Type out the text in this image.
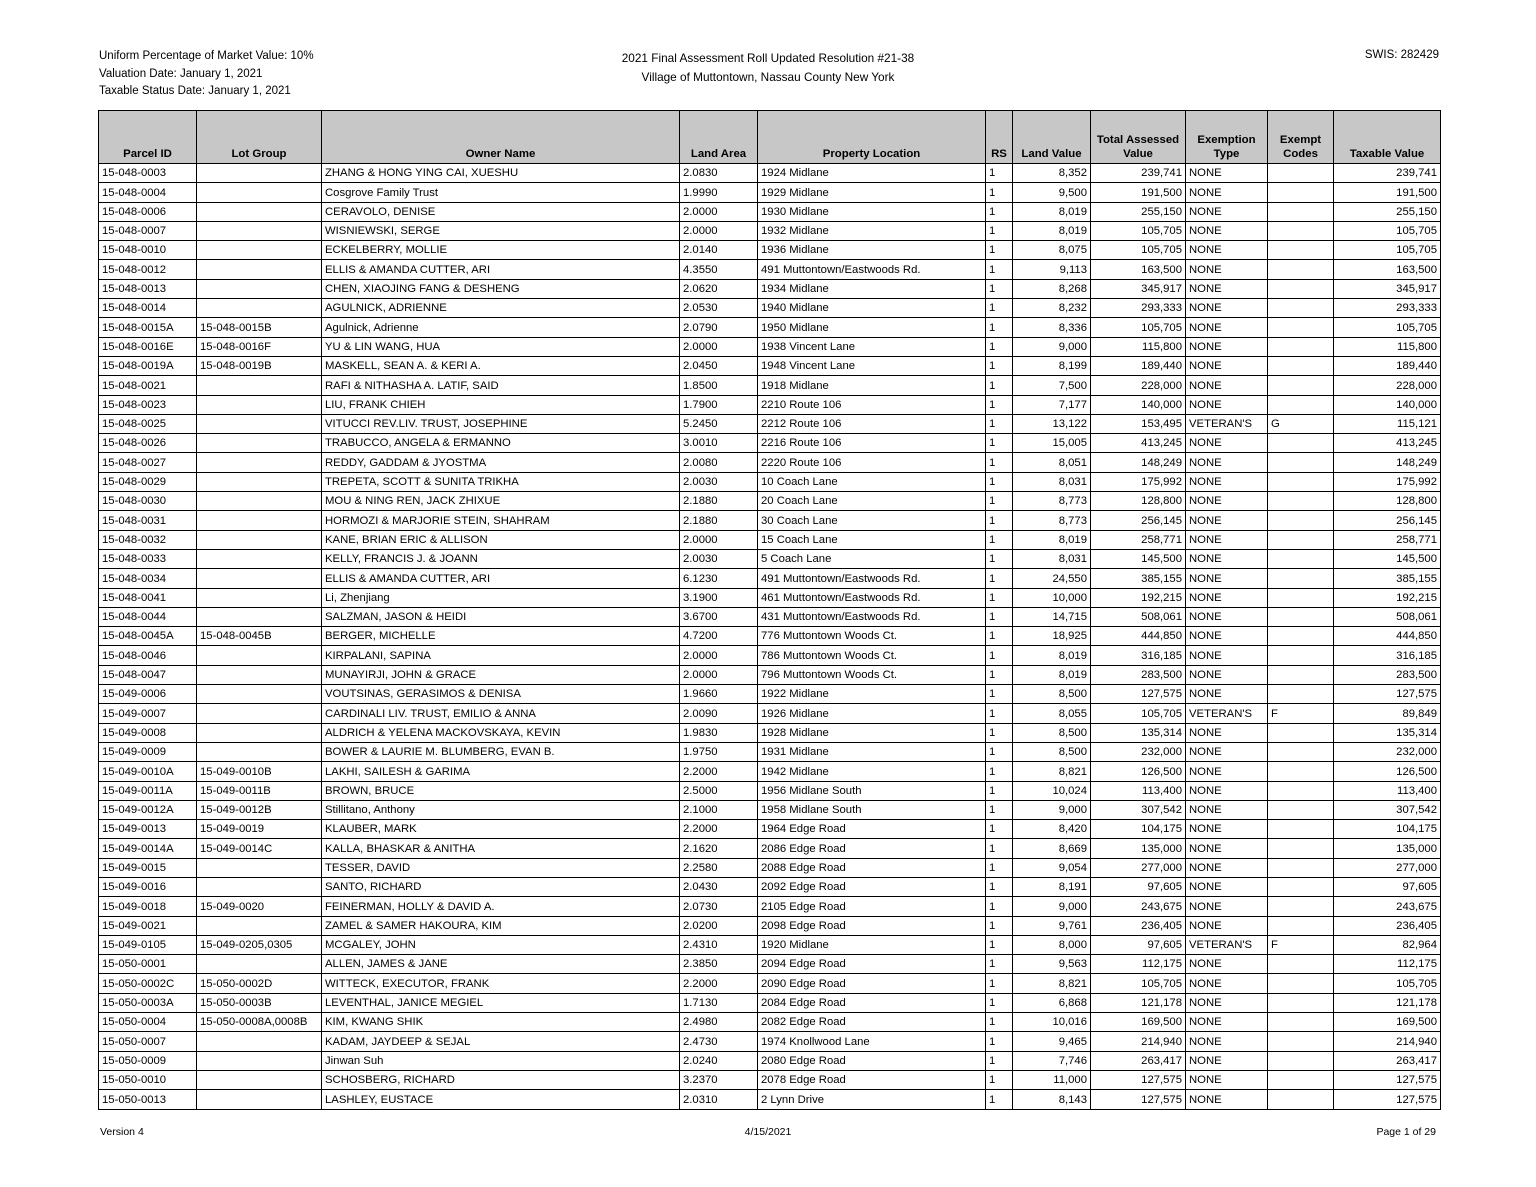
Uniform Percentage of Market Value: 10%
Valuation Date: January 1, 2021
Taxable Status Date: January 1, 2021
2021 Final Assessment Roll Updated Resolution #21-38
Village of Muttontown, Nassau County New York
SWIS: 282429
Parcel ID	Lot Group	Owner Name	Land Area	Property Location	RS	Land Value	Total Assessed Value	Exemption Type	Exempt Codes	Taxable Value
15-048-0003		ZHANG & HONG YING CAI, XUESHU	2.0830	1924 Midlane	1	8,352	239,741	NONE		239,741
15-048-0004		Cosgrove Family Trust	1.9990	1929 Midlane	1	9,500	191,500	NONE		191,500
15-048-0006		CERAVOLO, DENISE	2.0000	1930 Midlane	1	8,019	255,150	NONE		255,150
15-048-0007		WISNIEWSKI, SERGE	2.0000	1932 Midlane	1	8,019	105,705	NONE		105,705
15-048-0010		ECKELBERRY, MOLLIE	2.0140	1936 Midlane	1	8,075	105,705	NONE		105,705
15-048-0012		ELLIS & AMANDA CUTTER, ARI	4.3550	491 Muttontown/Eastwoods Rd.	1	9,113	163,500	NONE		163,500
15-048-0013		CHEN, XIAOJING FANG & DESHENG	2.0620	1934 Midlane	1	8,268	345,917	NONE		345,917
15-048-0014		AGULNICK, ADRIENNE	2.0530	1940 Midlane	1	8,232	293,333	NONE		293,333
15-048-0015A	15-048-0015B	Agulnick, Adrienne	2.0790	1950 Midlane	1	8,336	105,705	NONE		105,705
15-048-0016E	15-048-0016F	YU & LIN WANG, HUA	2.0000	1938 Vincent Lane	1	9,000	115,800	NONE		115,800
15-048-0019A	15-048-0019B	MASKELL, SEAN A. & KERI A.	2.0450	1948 Vincent Lane	1	8,199	189,440	NONE		189,440
15-048-0021		RAFI & NITHASHA A. LATIF, SAID	1.8500	1918 Midlane	1	7,500	228,000	NONE		228,000
15-048-0023		LIU, FRANK CHIEH	1.7900	2210 Route 106	1	7,177	140,000	NONE		140,000
15-048-0025		VITUCCI REV.LIV. TRUST, JOSEPHINE	5.2450	2212 Route 106	1	13,122	153,495	VETERAN'S	G	115,121
15-048-0026		TRABUCCO, ANGELA & ERMANNO	3.0010	2216 Route 106	1	15,005	413,245	NONE		413,245
15-048-0027		REDDY, GADDAM & JYOSTMA	2.0080	2220 Route 106	1	8,051	148,249	NONE		148,249
15-048-0029		TREPETA, SCOTT & SUNITA TRIKHA	2.0030	10 Coach Lane	1	8,031	175,992	NONE		175,992
15-048-0030		MOU & NING REN, JACK ZHIXUE	2.1880	20 Coach Lane	1	8,773	128,800	NONE		128,800
15-048-0031		HORMOZI & MARJORIE STEIN, SHAHRAM	2.1880	30 Coach Lane	1	8,773	256,145	NONE		256,145
15-048-0032		KANE, BRIAN ERIC & ALLISON	2.0000	15 Coach Lane	1	8,019	258,771	NONE		258,771
15-048-0033		KELLY, FRANCIS J. & JOANN	2.0030	5 Coach Lane	1	8,031	145,500	NONE		145,500
15-048-0034		ELLIS & AMANDA CUTTER, ARI	6.1230	491 Muttontown/Eastwoods Rd.	1	24,550	385,155	NONE		385,155
15-048-0041		Li, Zhenjiang	3.1900	461 Muttontown/Eastwoods Rd.	1	10,000	192,215	NONE		192,215
15-048-0044		SALZMAN, JASON & HEIDI	3.6700	431 Muttontown/Eastwoods Rd.	1	14,715	508,061	NONE		508,061
15-048-0045A	15-048-0045B	BERGER, MICHELLE	4.7200	776 Muttontown Woods Ct.	1	18,925	444,850	NONE		444,850
15-048-0046		KIRPALANI, SAPINA	2.0000	786 Muttontown Woods Ct.	1	8,019	316,185	NONE		316,185
15-048-0047		MUNAYIRJI, JOHN & GRACE	2.0000	796 Muttontown Woods Ct.	1	8,019	283,500	NONE		283,500
15-049-0006		VOUTSINAS, GERASIMOS & DENISA	1.9660	1922 Midlane	1	8,500	127,575	NONE		127,575
15-049-0007		CARDINALI LIV. TRUST, EMILIO & ANNA	2.0090	1926 Midlane	1	8,055	105,705	VETERAN'S	F	89,849
15-049-0008		ALDRICH & YELENA MACKOVSKAYA, KEVIN	1.9830	1928 Midlane	1	8,500	135,314	NONE		135,314
15-049-0009		BOWER & LAURIE M. BLUMBERG, EVAN B.	1.9750	1931 Midlane	1	8,500	232,000	NONE		232,000
15-049-0010A	15-049-0010B	LAKHI, SAILESH & GARIMA	2.2000	1942 Midlane	1	8,821	126,500	NONE		126,500
15-049-0011A	15-049-0011B	BROWN, BRUCE	2.5000	1956 Midlane South	1	10,024	113,400	NONE		113,400
15-049-0012A	15-049-0012B	Stillitano, Anthony	2.1000	1958 Midlane South	1	9,000	307,542	NONE		307,542
15-049-0013	15-049-0019	KLAUBER, MARK	2.2000	1964 Edge Road	1	8,420	104,175	NONE		104,175
15-049-0014A	15-049-0014C	KALLA, BHASKAR & ANITHA	2.1620	2086 Edge Road	1	8,669	135,000	NONE		135,000
15-049-0015		TESSER, DAVID	2.2580	2088 Edge Road	1	9,054	277,000	NONE		277,000
15-049-0016		SANTO, RICHARD	2.0430	2092 Edge Road	1	8,191	97,605	NONE		97,605
15-049-0018	15-049-0020	FEINERMAN, HOLLY & DAVID A.	2.0730	2105 Edge Road	1	9,000	243,675	NONE		243,675
15-049-0021		ZAMEL & SAMER HAKOURA, KIM	2.0200	2098 Edge Road	1	9,761	236,405	NONE		236,405
15-049-0105	15-049-0205,0305	MCGALEY, JOHN	2.4310	1920 Midlane	1	8,000	97,605	VETERAN'S	F	82,964
15-050-0001		ALLEN, JAMES & JANE	2.3850	2094 Edge Road	1	9,563	112,175	NONE		112,175
15-050-0002C	15-050-0002D	WITTECK, EXECUTOR, FRANK	2.2000	2090 Edge Road	1	8,821	105,705	NONE		105,705
15-050-0003A	15-050-0003B	LEVENTHAL, JANICE MEGIEL	1.7130	2084 Edge Road	1	6,868	121,178	NONE		121,178
15-050-0004	15-050-0008A,0008B	KIM, KWANG SHIK	2.4980	2082 Edge Road	1	10,016	169,500	NONE		169,500
15-050-0007		KADAM, JAYDEEP & SEJAL	2.4730	1974 Knollwood Lane	1	9,465	214,940	NONE		214,940
15-050-0009		Jinwan Suh	2.0240	2080 Edge Road	1	7,746	263,417	NONE		263,417
15-050-0010		SCHOSBERG, RICHARD	3.2370	2078 Edge Road	1	11,000	127,575	NONE		127,575
15-050-0013		LASHLEY, EUSTACE	2.0310	2 Lynn Drive	1	8,143	127,575	NONE		127,575
Version 4	4/15/2021	Page 1 of 29
